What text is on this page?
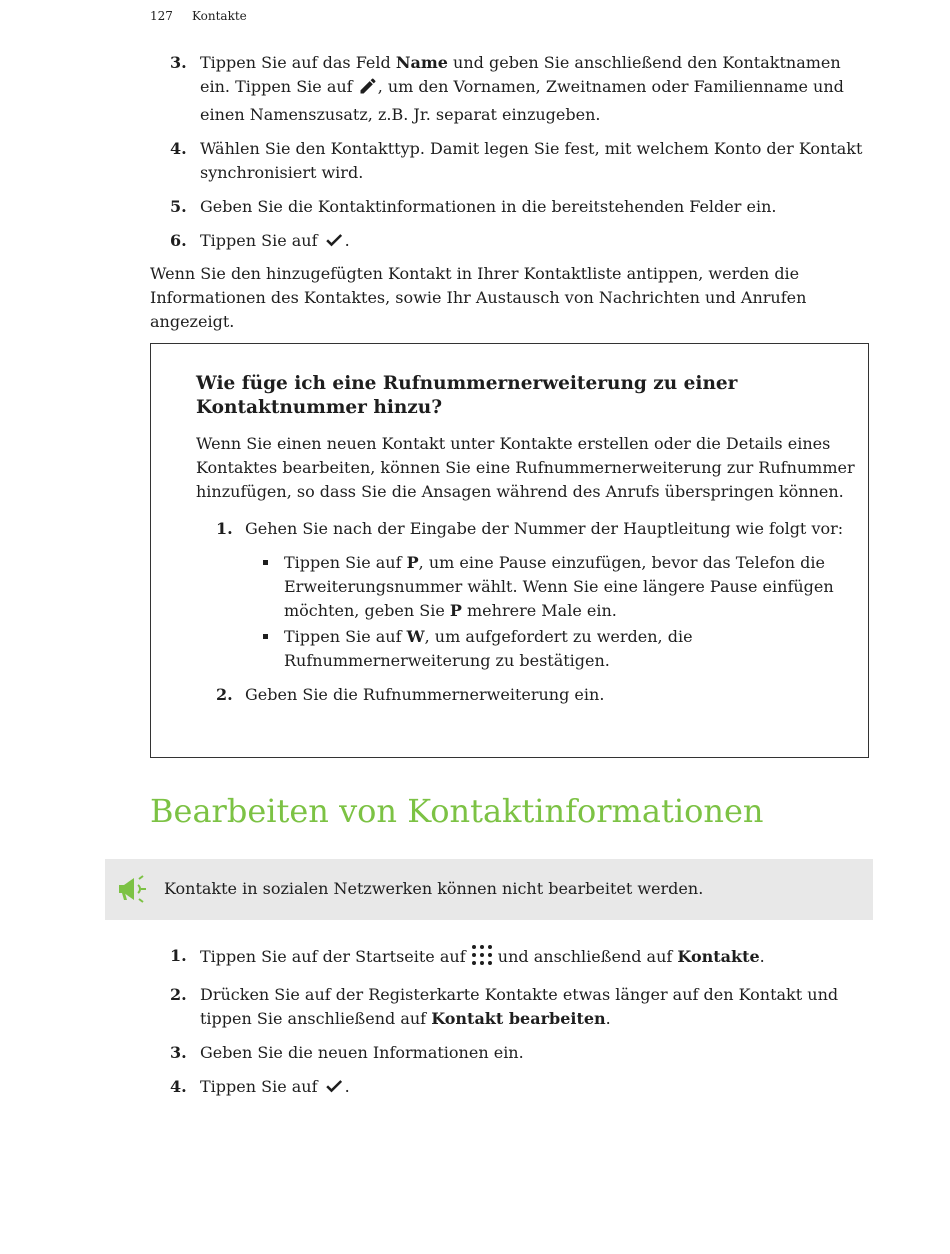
127 Kontakte
3. Tippen Sie auf das Feld Name und geben Sie anschließend den Kontaktnamen ein. Tippen Sie auf , um den Vornamen, Zweitnamen oder Familienname und einen Namenszusatz, z.B. Jr. separat einzugeben.
4. Wählen Sie den Kontakttyp. Damit legen Sie fest, mit welchem Konto der Kontakt synchronisiert wird.
5. Geben Sie die Kontaktinformationen in die bereitstehenden Felder ein.
6. Tippen Sie auf .

Wenn Sie den hinzugefügten Kontakt in Ihrer Kontaktliste antippen, werden die Informationen des Kontaktes, sowie Ihr Austausch von Nachrichten und Anrufen angezeigt.

Wie füge ich eine Rufnummernerweiterung zu einer Kontaktnummer hinzu?

Wenn Sie einen neuen Kontakt unter Kontakte erstellen oder die Details eines Kontaktes bearbeiten, können Sie eine Rufnummernerweiterung zur Rufnummer hinzufügen, so dass Sie die Ansagen während des Anrufs überspringen können.

1. Gehen Sie nach der Eingabe der Nummer der Hauptleitung wie folgt vor:
Tippen Sie auf P, um eine Pause einzufügen, bevor das Telefon die Erweiterungsnummer wählt. Wenn Sie eine längere Pause einfügen möchten, geben Sie P mehrere Male ein.
Tippen Sie auf W, um aufgefordert zu werden, die Rufnummernerweiterung zu bestätigen.
2. Geben Sie die Rufnummernerweiterung ein.
Bearbeiten von Kontaktinformationen
Kontakte in sozialen Netzwerken können nicht bearbeitet werden.
1. Tippen Sie auf der Startseite auf  und anschließend auf Kontakte.
2. Drücken Sie auf der Registerkarte Kontakte etwas länger auf den Kontakt und tippen Sie anschließend auf Kontakt bearbeiten.
3. Geben Sie die neuen Informationen ein.
4. Tippen Sie auf .
